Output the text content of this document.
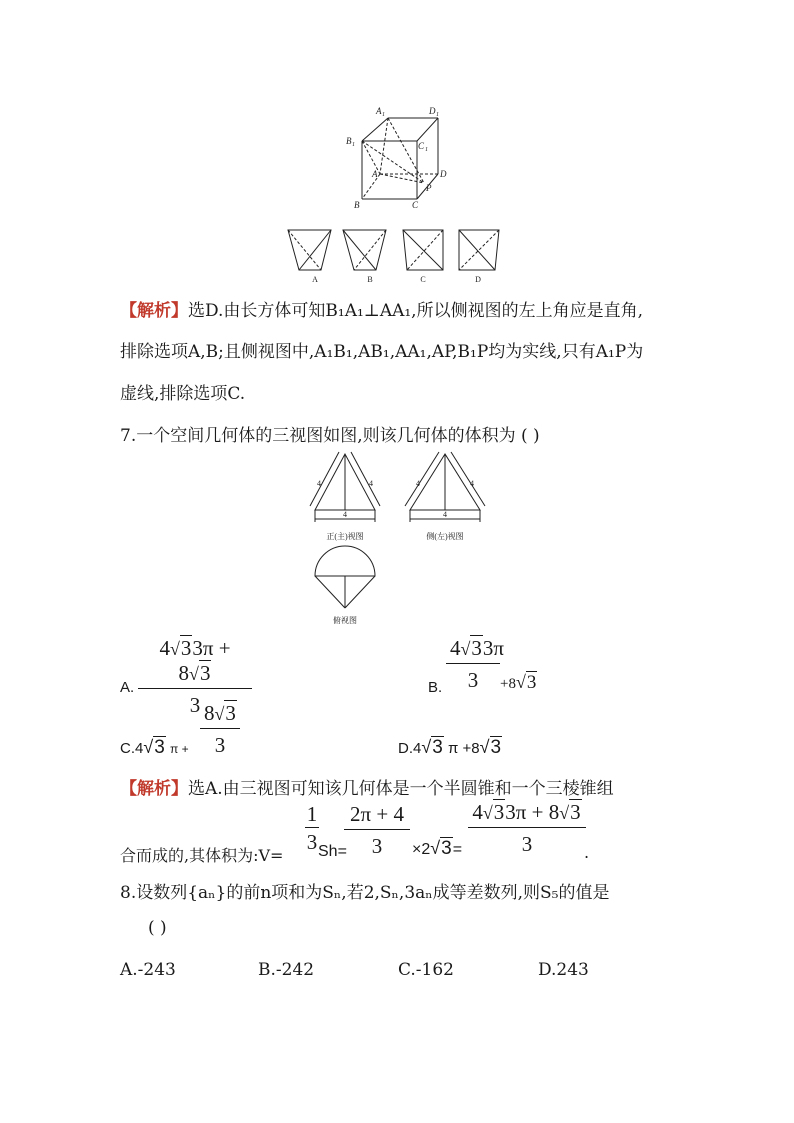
A 1	D 1
B 1	C 1
A	D
B	C
P
A	B	C	D
【解析】选D.由长方体可知B₁A₁⊥AA₁,所以侧视图的左上角应是直角,
排除选项A,B;且侧视图中,A₁B₁,AB₁,AA₁,AP,B₁P均为实线,只有A₁P为
虚线,排除选项C.
7.一个空间几何体的三视图如图,则该几何体的体积为 ( )
4	4
4
4	4
4
正(主)视图	侧(左)视图
俯视图
4√33π + 8√3
3
A.
4√33π
3
B.	+8√3
C.4√3 π +
8√3
3	D.4√3 π +8√3
【解析】选A.由三视图可知该几何体是一个半圆锥和一个三棱锥组
合而成的,其体积为:V=
$\frac{1}{3} Sh=$
2π + 4
3	×2√3=
4√33π + 8√3
3	.
8.设数列{aₙ}的前n项和为Sₙ,若2,Sₙ,3aₙ成等差数列,则S₅的值是
( )
A.-243	B.-242	C.-162	D.243
